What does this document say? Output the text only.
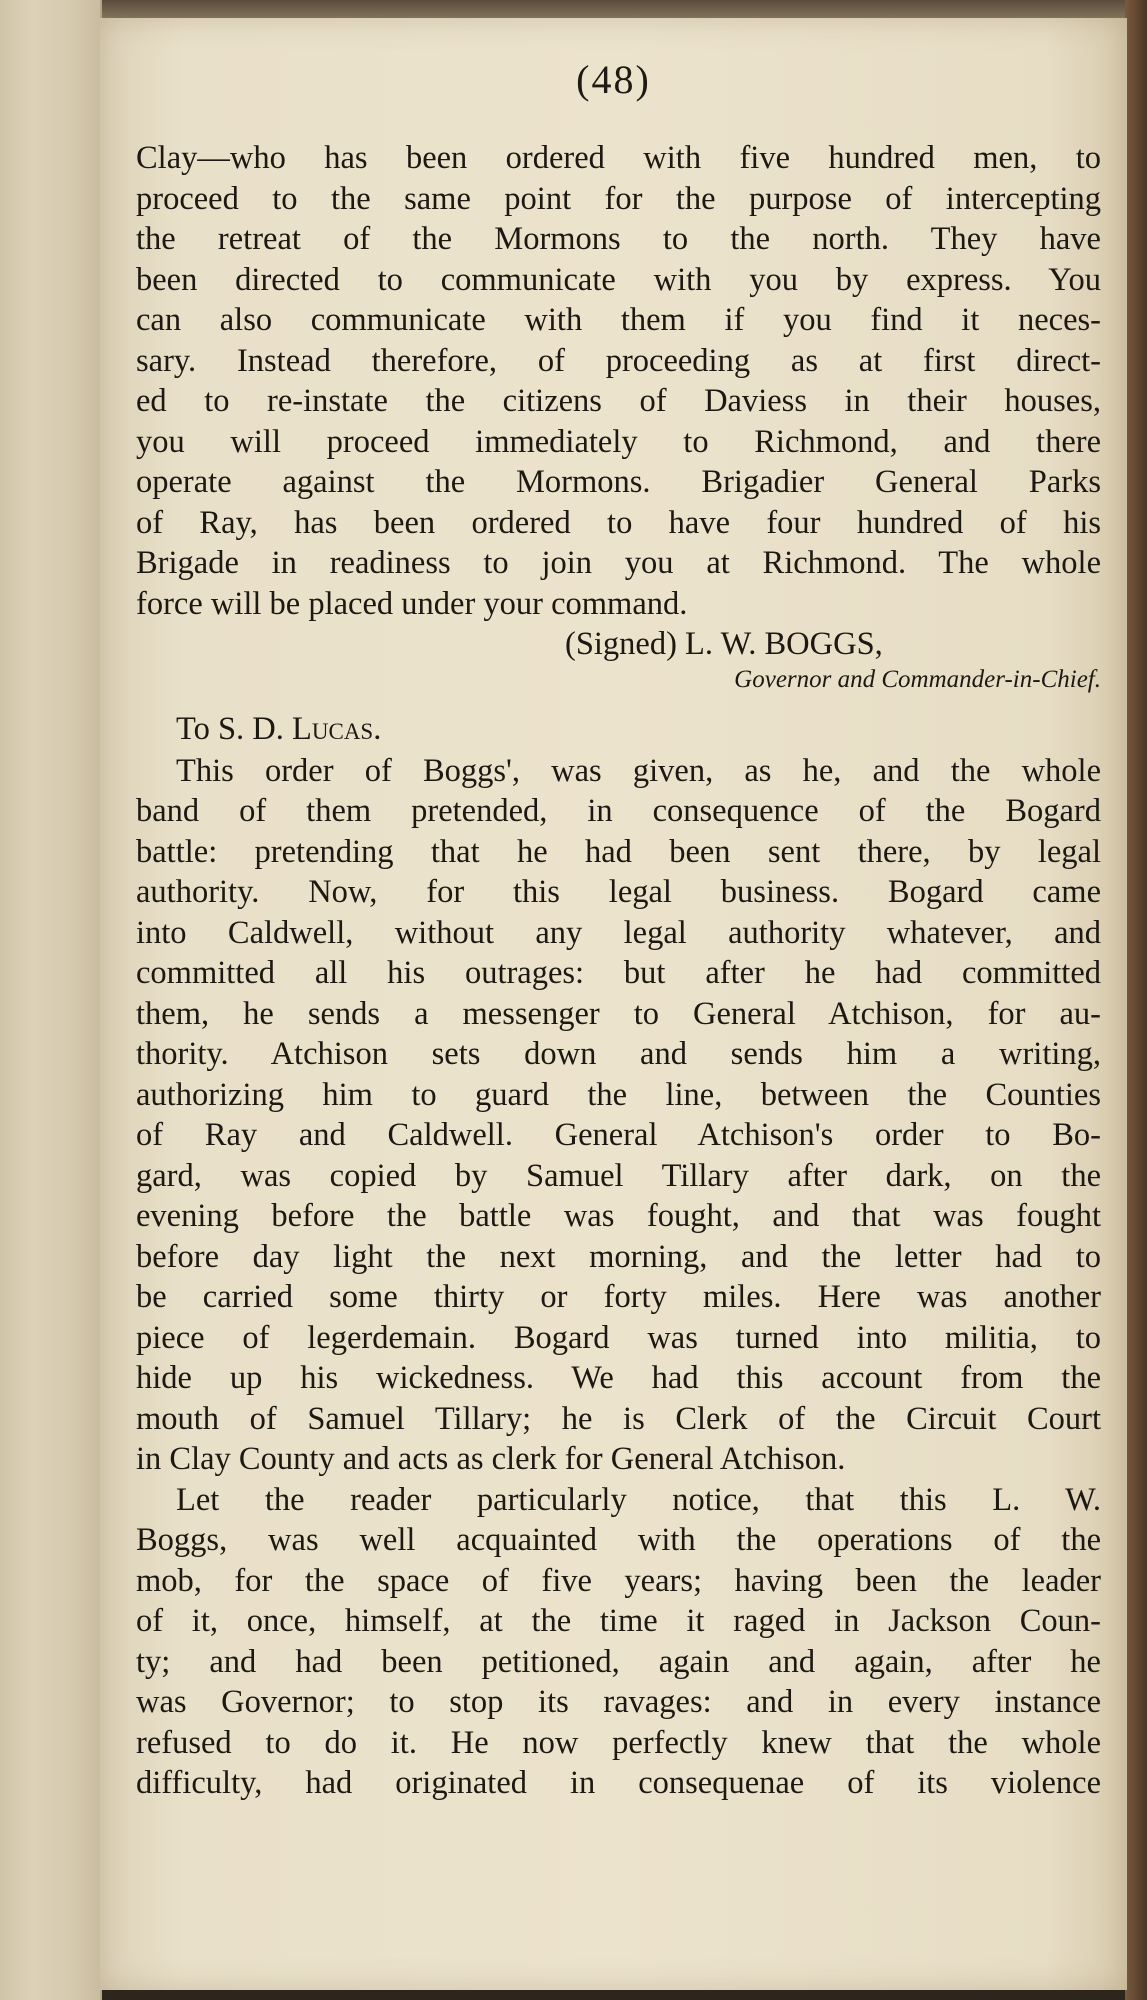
(48)
Clay—who has been ordered with five hundred men, to
proceed to the same point for the purpose of intercepting
the retreat of the Mormons to the north. They have
been directed to communicate with you by express. You
can also communicate with them if you find it neces-
sary. Instead therefore, of proceeding as at first direct-
ed to re-instate the citizens of Daviess in their houses,
you will proceed immediately to Richmond, and there
operate against the Mormons. Brigadier General Parks
of Ray, has been ordered to have four hundred of his
Brigade in readiness to join you at Richmond. The whole
force will be placed under your command.
(Signed) L. W. BOGGS,
Governor and Commander-in-Chief.
To S. D. Lucas.
This order of Boggs', was given, as he, and the whole
band of them pretended, in consequence of the Bogard
battle: pretending that he had been sent there, by legal
authority. Now, for this legal business. Bogard came
into Caldwell, without any legal authority whatever, and
committed all his outrages: but after he had committed
them, he sends a messenger to General Atchison, for au-
thority. Atchison sets down and sends him a writing,
authorizing him to guard the line, between the Counties
of Ray and Caldwell. General Atchison's order to Bo-
gard, was copied by Samuel Tillary after dark, on the
evening before the battle was fought, and that was fought
before day light the next morning, and the letter had to
be carried some thirty or forty miles. Here was another
piece of legerdemain. Bogard was turned into militia, to
hide up his wickedness. We had this account from the
mouth of Samuel Tillary; he is Clerk of the Circuit Court
in Clay County and acts as clerk for General Atchison.
Let the reader particularly notice, that this L. W.
Boggs, was well acquainted with the operations of the
mob, for the space of five years; having been the leader
of it, once, himself, at the time it raged in Jackson Coun-
ty; and had been petitioned, again and again, after he
was Governor; to stop its ravages: and in every instance
refused to do it. He now perfectly knew that the whole
difficulty, had originated in consequenae of its violence
